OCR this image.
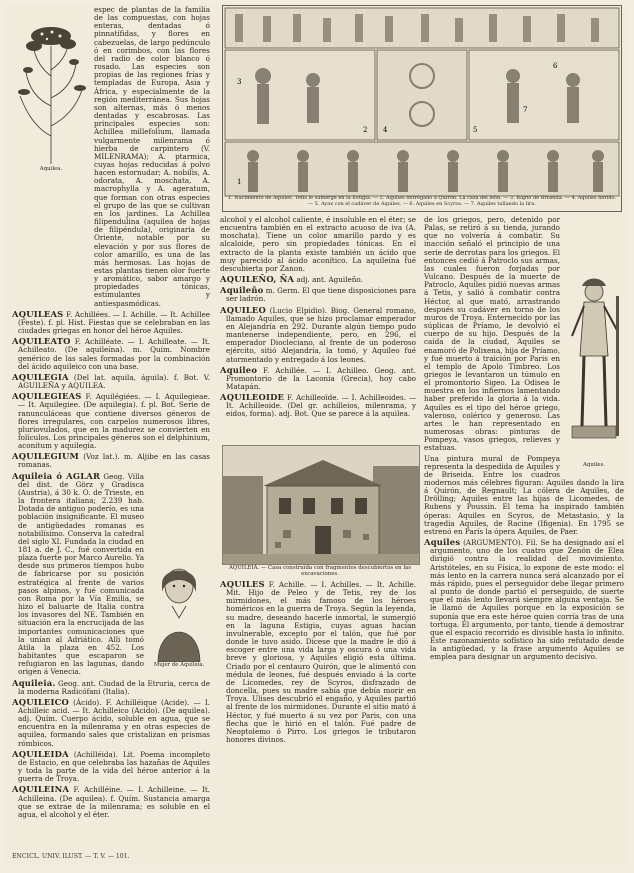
Aquilea.
espec de plantas de la familia de las compuestas, con hojas enteras, dentadas ó pinnatífidas, y flores en cabezuelas, de largo pedúnculo ó en corimbos, con las flores del radio de color blanco ó rosado. Las especies son propias de las regiones frías y templadas de Europa, Asia y África, y especialmente de la región mediterránea. Sus hojas son alternas, más ó menos dentadas y escabrosas. Las principales especies son: Achillea millefolium, llamada vulgarmente milenrama ó hierba de carpintero (V. MILENRAMA); A. ptarmica, cuyas hojas reducidas á polvo hacen estornudar; A. nobilis, A. odorata, A. moschata, A. macrophylla y A. ageratum, que forman con otras especies el grupo de las que se cultivan en los jardines. La Achillea filipendulina (aquilea de hojas de filipéndula), originaria de Oriente, notable por su elevación y por sus flores de color amarillo, es una de las más hermosas. Las hojas de estas plantas tienen olor fuerte y aromático, sabor amargo y propiedades tónicas, estimulantes y antiespasmódicas.
AQUILEAS F. Achillées. — I. Achille. — It. Achillee (Feste). f. pl. Hist. Fiestas que se celebraban en las ciudades griegas en honor del héroe Aquiles.
AQUILEATO F. Achilléate. — I. Achilleate. — It. Achilleato. (De aquileína). m. Quím. Nombre genérico de las sales formadas por la combinación del ácido aquileico con una base.
AQUILEGIA (Del lat. aquila, águila). f. Bot. V. AGUILEÑA y AQUILEA.
AQUILEGIEAS F. Aquilégiées. — I. Aquilegieae. — It. Aquilegiee. (De aquilegia). f. pl. Bot. Serie de ranunculáceas que contiene diversos géneros de flores irregulares, con carpelos numerosos libres, pluriovulados, que en la madurez se convierten en folículos. Los principales géneros son el delphinium, aconitum y aquilegia.
AQUILEGIUM (Voz lat.). m. Aljibe en las casas romanas.
Aquileia ó AGLAR Geog. Villa del dist. de Görz y Gradisca (Austria), á 30 k. O. de Trieste, en la frontera italiana; 2.239 hab. Dotada de antiguo poderío, es una población insignificante. El museo de antigüedades romanas es notabilísimo. Conserva la catedral del siglo XI. Fundada la ciudad en 181 a. de J. C., fué convertida en plaza fuerte por Marco Aurelio. Ya desde sus primeros tiempos hubo de fabricarse por su posición estratégica al frente de varios pasos alpinos, y fué comunicada con Roma por la Vía Emilia, se hizo el baluarte de Italia contra los invasores del NE. También en situación era la encrucijada de las importantes comunicaciones que la unían al Adriático. Alli tomó Atila la plaza en 452. Los habitantes que escaparon se refugiaron en las lagunas, dando origen á Venecia.
Mujer de Aquileia.
Aquileia. Geog. ant. Ciudad de la Etruria, cerca de la moderna Radicófani (Italia).
AQUILEICO (Ácido). F. Achilléique (Acide). — I. Achilleic acid. — It. Achilleico (Acido). (De aquilea). adj. Quím. Cuerpo ácido, soluble en agua, que se encuentra en la milenrama y en otras especies de aquilea, formando sales que cristalizan en prismas rómbicos.
AQUILEIDA (Achilléida). Lit. Poema incompleto de Estacio, en que celebraba las hazañas de Aquiles y toda la parte de la vida del héroe anterior á la guerra de Troya.
AQUILEINA F. Achilléine. — I. Achilleine. — It. Achilleina. (De aquilea). f. Quím. Sustancia amarga que se extrae de la milenrama; es soluble en el agua, el alcohol y el éter.
1
2
3
4	5
6
7
1. Nacimiento de Aquiles. Tetis le sumerge en la Estigia. — 2. Aquiles entregado á Quirón. La caza del león. — 3. Rapto de Briseida. — 4. Aquiles herido. — 5. Ayax con el cadáver de Aquiles. — 6. Aquiles en Scyros. — 7. Aquiles tallando la lira.
alcohol y el alcohol caliente, é insoluble en el éter; se encuentra también en el extracto acuoso de iva (A. moschata). Tiene un color amarillo pardo y es alcaloide, pero sin propiedades tónicas. En el extracto de la planta existe también un ácido que muy parecido al ácido aconítico. La aquileína fué descubierta por Zanon.
AQUILEÑO, ÑA adj. ant. Aguileño.
Aquileño m. Germ. El que tiene disposiciones para ser ladrón.
AQUILEO (Lucio Elpidio). Biog. General romano, llamado Aquiles, que se hizo proclamar emperador en Alejandría en 292. Durante algún tiempo pudo mantenerse independiente, pero, en 296, el emperador Diocleciano, al frente de un poderoso ejército, sitió Alejandría, la tomó, y Aquileo fué atormentado y entregado á los leones.
Aquileo F. Achillée. — I. Achilleo. Geog. ant. Promontorio de la Laconia (Grecia), hoy cabo Matapán.
AQUILEOIDE F. Achilleoïde. — I. Achilleoides. — It. Achilleoide. (Del gr. achilleios, milenrama, y eidos, forma). adj. Bot. Que se parece á la aquilea.
AQUILEIA. — Casa construída con fragmentos descubiertos en las excavaciones.
AQUILES F. Achille. — I. Achilles. — It. Achille. Mit. Hijo de Peleo y de Tetis, rey de los mirmidones, el más famoso de los héroes homéricos en la guerra de Troya. Según la leyenda, su madre, deseando hacerle inmortal, le sumergió en la laguna Estigia, cuyas aguas hacían invulnerable, excepto por el talón, que fué por donde le tuvo asido. Dicese que la madre le dió á escoger entre una vida larga y oscura ó una vida breve y gloriosa, y Aquiles eligió esta última. Criado por el centauro Quirón, que le alimentó con médula de leones, fué después enviado á la corte de Licomedes, rey de Scyros, disfrazado de doncella, pues su madre sabía que debía morir en Troya. Ulises descubrió el engaño, y Aquiles partió al frente de los mirmidones. Durante el sitio mató á Héctor, y fué muerto á su vez por Paris, con una flecha que le hirió en el talón. Fué padre de Neoptolemo ó Pirro. Los griegos le tributaron honores divinos.
Aquiles.
de los griegos, pero, detenido por Palas, se retiró á su tienda, jurando que no volvería á combatir. Su inacción señaló el principio de una serie de derrotas para los griegos. El entonces cedió á Patroclo sus armas, las cuales fueron forjadas por Vulcano. Después de la muerte de Patroclo, Aquiles pidió nuevas armas á Tetis, y salió á combatir contra Héctor, al que mató, arrastrando después su cadáver en torno de los muros de Troya. Enternecido por las súplicas de Príamo, le devolvió el cuerpo de su hijo. Después de la caída de la ciudad, Aquiles se enamoró de Polixena, hija de Príamo, y fué muerto á traición por Paris en el templo de Apolo Timbreo. Los griegos le levantaron un túmulo en el promontorio Sigeo. La Odisea le muestra en los infiernos lamentando haber preferido la gloria á la vida. Aquiles es el tipo del héroe griego, valeroso, colérico y generoso. Las artes le han representado en numerosas obras: pinturas de Pompeya, vasos griegos, relieves y estatuas.
Una pintura mural de Pompeya representa la despedida de Aquiles y de Briseida. Entre los cuadros modernos más célebres figuran: Aquiles dando la lira á Quirón, de Regnault; La cólera de Aquiles, de Drölling; Aquiles entre las hijas de Licomedes, de Rubens y Poussin. El tema ha inspirado también óperas: Aquiles en Scyros, de Metastasio, y la tragedia Aquiles, de Racine (Ifigenia). En 1795 se estrenó en París la ópera Aquiles, de Paer.
Aquiles (ARGUMENTO). Fil. Se ha designado así el argumento, uno de los cuatro que Zenón de Elea dirigió contra la realidad del movimiento. Aristóteles, en su Física, lo expone de este modo: el más lento en la carrera nunca será alcanzado por el más rápido, pues el perseguidor debe llegar primero al punto de donde partió el perseguido, de suerte que el más lento llevará siempre alguna ventaja. Se le llamó de Aquiles porque en la exposición se suponía que era este héroe quien corría tras de una tortuga. El argumento, por tanto, tiende á demostrar que el espacio recorrido es divisible hasta lo infinito. Este razonamiento sofístico ha sido refutado desde la antigüedad, y la frase argumento Aquiles se emplea para designar un argumento decisivo.
ENCICL. UNIV. ILUST. — T. V. — 101.
